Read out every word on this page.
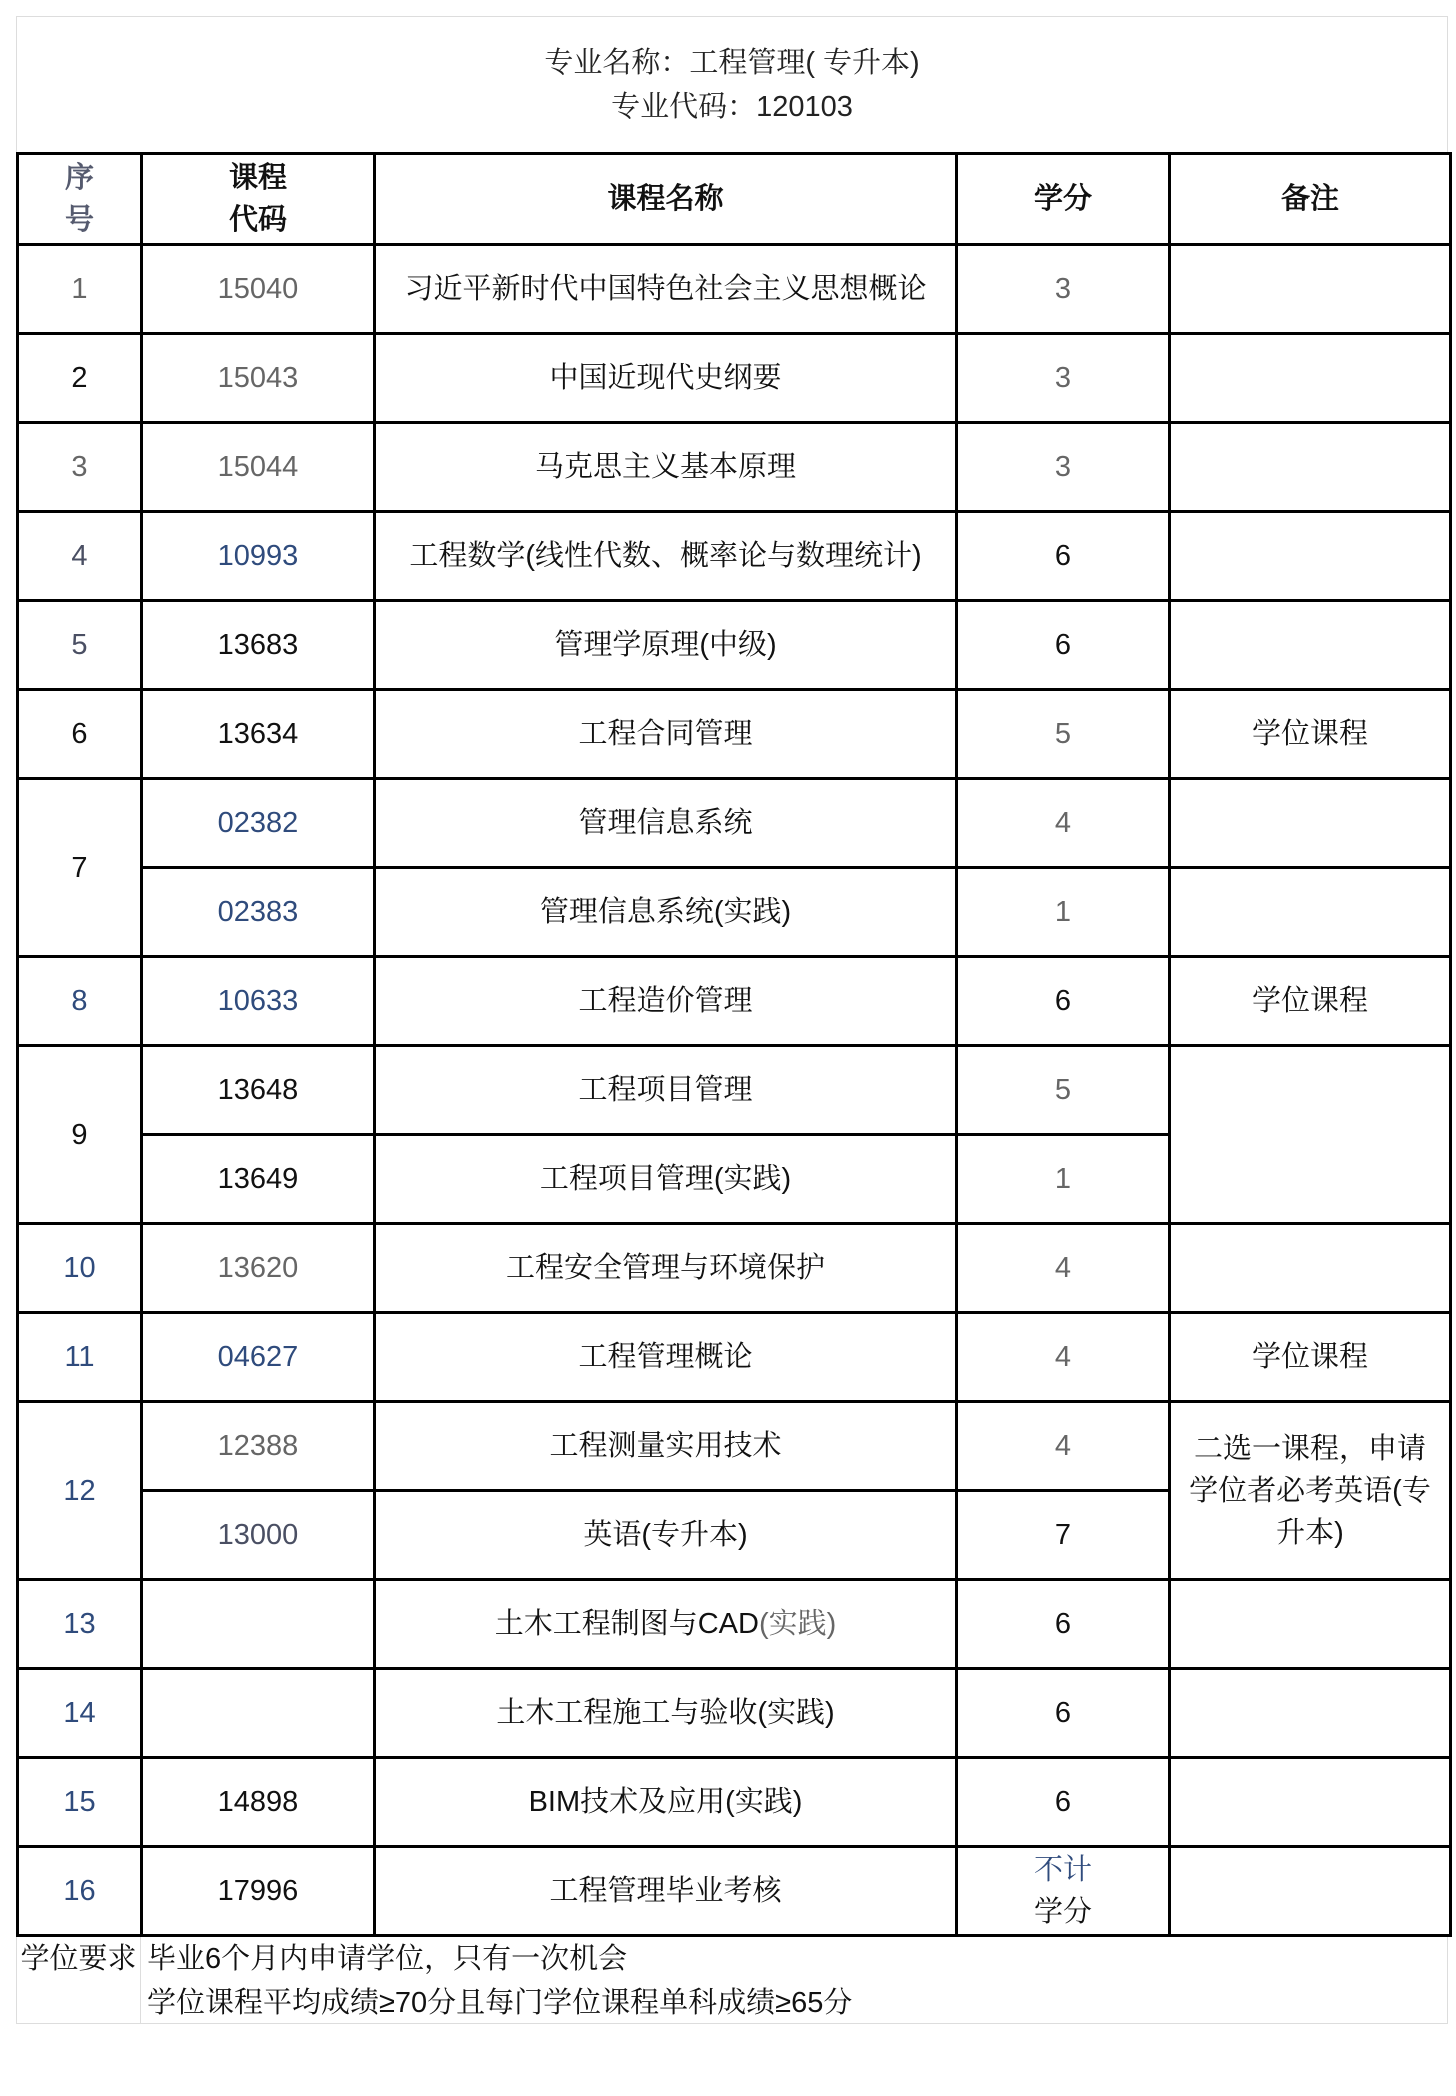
专业名称：工程管理( 专升本)
专业代码：120103
序
号	课程代码	课程名称	学分	备注
1	15040	习近平新时代中国特色社会主义思想概论	3	
2	15043	中国近现代史纲要	3	
3	15044	马克思主义基本原理	3	
4	10993	工程数学(线性代数、概率论与数理统计)	6	
5	13683	管理学原理(中级)	6	
6	13634	工程合同管理	5	学位课程
7	02382	管理信息系统	4	
	02383	管理信息系统(实践)	1	
8	10633	工程造价管理	6	学位课程
9	13648	工程项目管理	5	
	13649	工程项目管理(实践)	1	
10	13620	工程安全管理与环境保护	4	
11	04627	工程管理概论	4	学位课程
12	12388	工程测量实用技术	4	二选一课程，申请学位者必考英语(专升本)
	13000	英语(专升本)	7	
13		土木工程制图与CAD(实践)	6	
14		土木工程施工与验收(实践)	6	
15	14898	BIM技术及应用(实践)	6	
16	17996	工程管理毕业考核	不计
学分	
学位要求 毕业6个月内申请学位，只有一次机会
学位课程平均成绩≥70分且每门学位课程单科成绩≥65分
